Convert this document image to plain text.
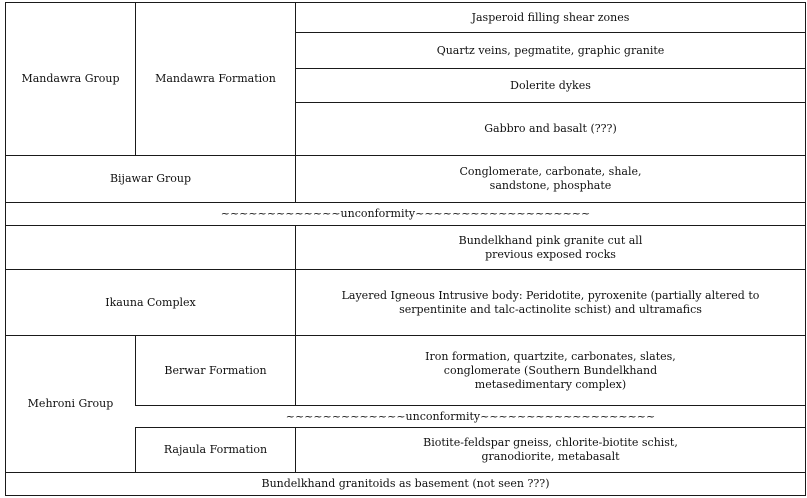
Mandawra Group	Mandawra Formation
Jasperoid filling shear zones
Quartz veins, pegmatite, graphic granite
Dolerite dykes
Gabbro and basalt (???)
Bijawar Group
Conglomerate, carbonate, shale,
sandstone, phosphate
~~~~~~~~~~~~~unconformity~~~~~~~~~~~~~~~~~~~
Bundelkhand pink granite cut all
previous exposed rocks
Ikauna Complex
Layered Igneous Intrusive body: Peridotite, pyroxenite (partially altered to
serpentinite and talc-actinolite schist) and ultramafics
Mehroni Group
Berwar Formation
Iron formation, quartzite, carbonates, slates,
conglomerate (Southern Bundelkhand
metasedimentary complex)
~~~~~~~~~~~~~unconformity~~~~~~~~~~~~~~~~~~~
Rajaula Formation
Biotite-feldspar gneiss, chlorite-biotite schist,
granodiorite, metabasalt
Bundelkhand granitoids as basement (not seen ???)
